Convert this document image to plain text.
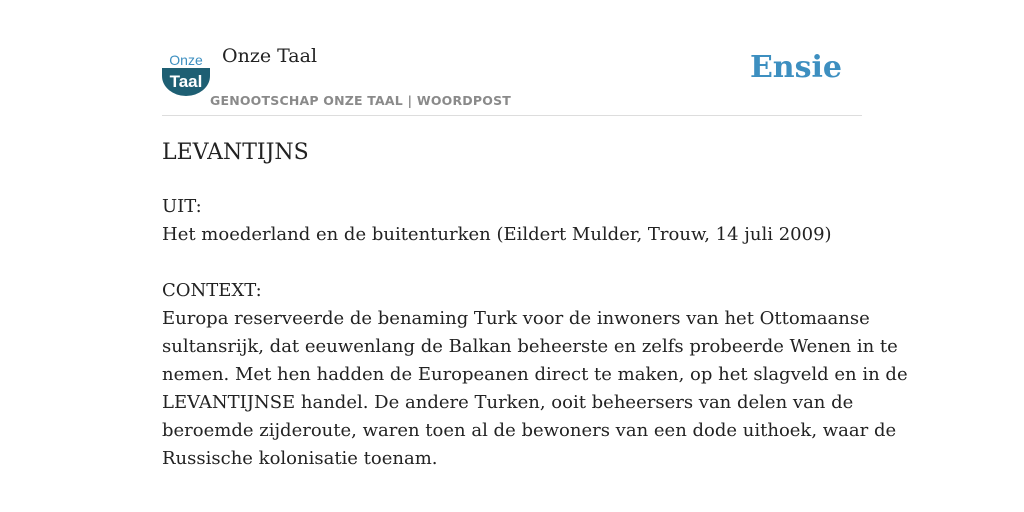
Onze
Taal
Onze Taal
GENOOTSCHAP ONZE TAAL | WOORDPOST
Ensie
LEVANTIJNS
UIT:
Het moederland en de buitenturken (Eildert Mulder, Trouw, 14 juli 2009)
CONTEXT:
Europa reserveerde de benaming Turk voor de inwoners van het Ottomaanse
sultansrijk, dat eeuwenlang de Balkan beheerste en zelfs probeerde Wenen in te
nemen. Met hen hadden de Europeanen direct te maken, op het slagveld en in de
LEVANTIJNSE handel. De andere Turken, ooit beheersers van delen van de
beroemde zijderoute, waren toen al de bewoners van een dode uithoek, waar de
Russische kolonisatie toenam.
